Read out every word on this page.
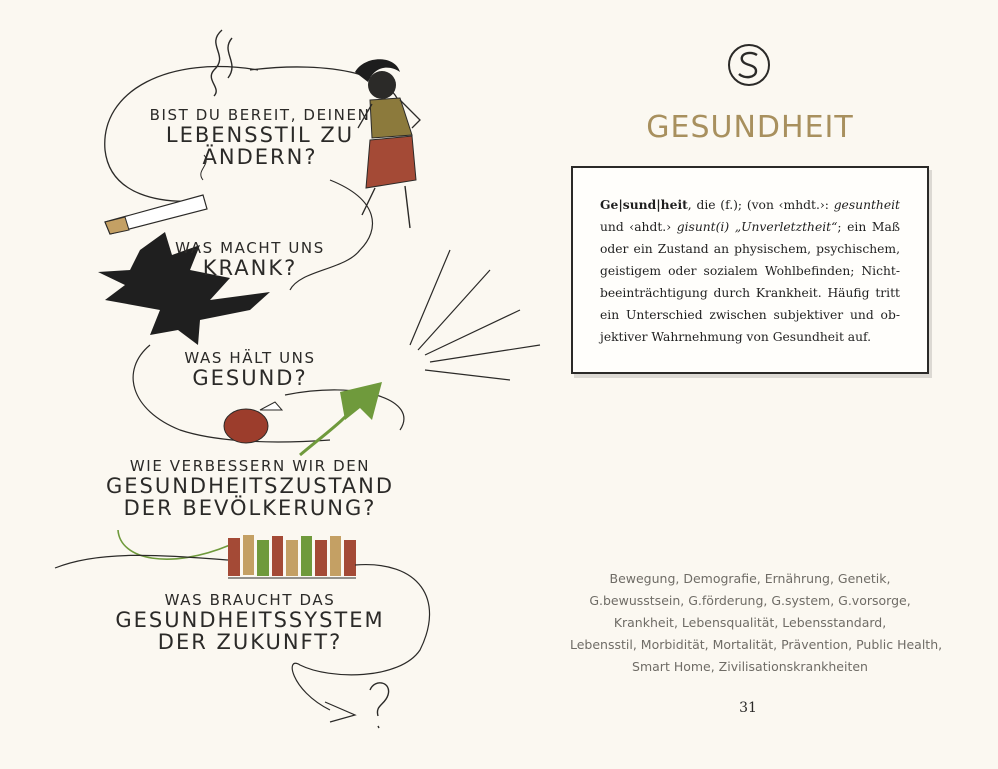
BIST DU BEREIT, DEINEN
LEBENSSTIL ZU
ÄNDERN?
WAS MACHT UNS
KRANK?
WAS HÄLT UNS
GESUND?
WIE VERBESSERN WIR DEN
GESUNDHEITSZUSTAND
DER BEVÖLKERUNG?
WAS BRAUCHT DAS
GESUNDHEITSSYSTEM
DER ZUKUNFT?
GESUNDHEIT
Ge|sund|heit, die (f.); (von ‹mhdt.›: gesuntheit und ‹ahdt.› gisunt(i) „Unverletztheit“; ein Maß oder ein Zustand an physischem, psychischem, geistigem oder sozialem Wohlbefinden; Nicht-beeinträchtigung durch Krankheit. Häufig tritt ein Unterschied zwischen subjektiver und ob-jektiver Wahrnehmung von Gesundheit auf.
Bewegung, Demografie, Ernährung, Genetik,
G.bewusstsein, G.förderung, G.system, G.vorsorge,
Krankheit, Lebensqualität, Lebensstandard,
Lebensstil, Morbidität, Mortalität, Prävention, Public Health,
Smart Home, Zivilisationskrankheiten
31
